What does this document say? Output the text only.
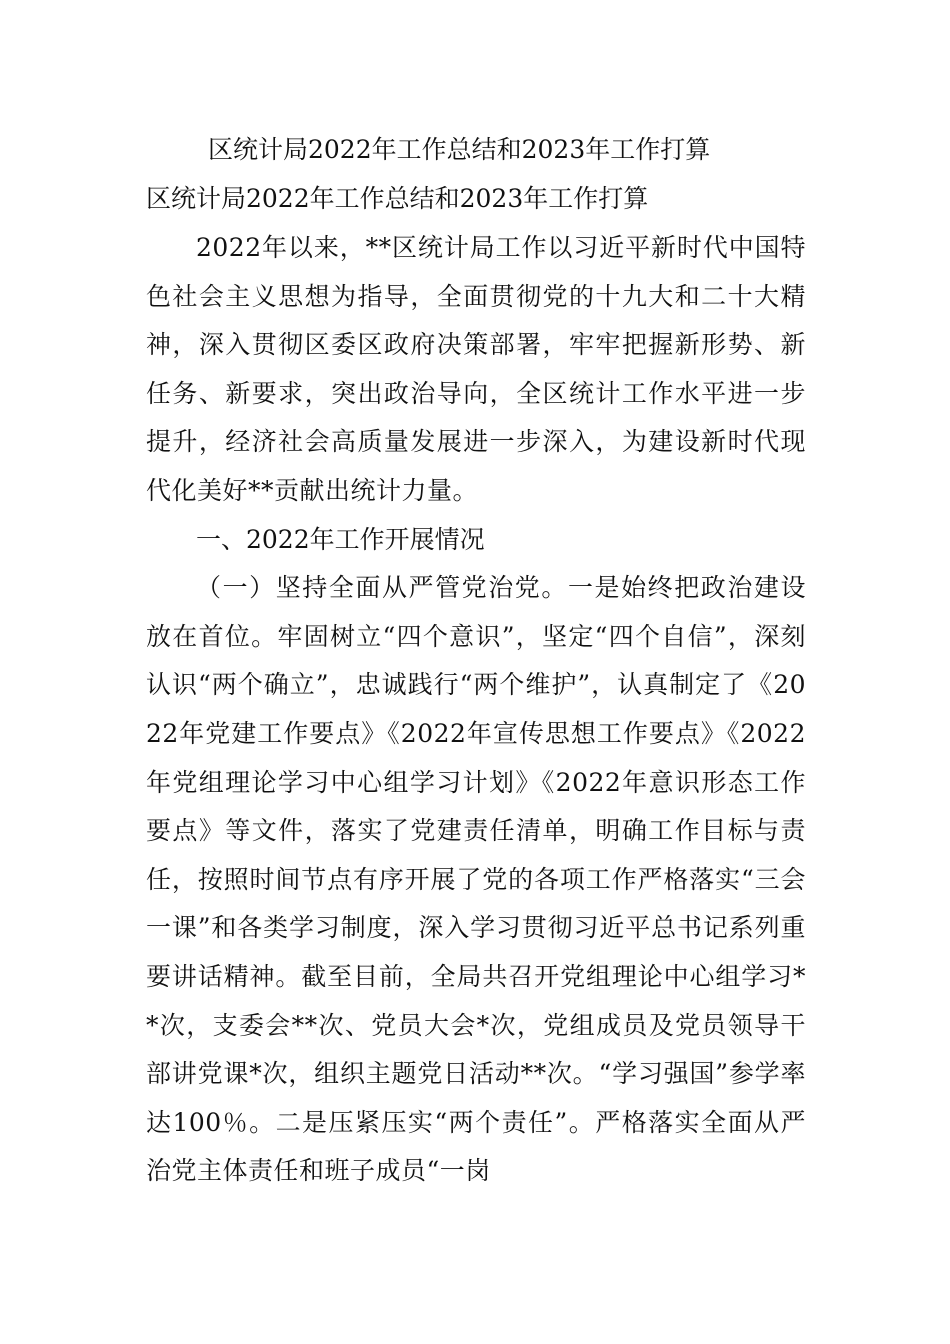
区统计局2022年工作总结和2023年工作打算

区统计局2022年工作总结和2023年工作打算

2022年以来，**区统计局工作以习近平新时代中国特色社会主义思想为指导，全面贯彻党的十九大和二十大精神，深入贯彻区委区政府决策部署，牢牢把握新形势、新任务、新要求，突出政治导向，全区统计工作水平进一步提升，经济社会高质量发展进一步深入，为建设新时代现代化美好**贡献出统计力量。

一、2022年工作开展情况

（一）坚持全面从严管党治党。一是始终把政治建设放在首位。牢固树立“四个意识”，坚定“四个自信”，深刻认识“两个确立”，忠诚践行“两个维护”，认真制定了《2022年党建工作要点》《2022年宣传思想工作要点》《2022年党组理论学习中心组学习计划》《2022年意识形态工作要点》等文件，落实了党建责任清单，明确工作目标与责任，按照时间节点有序开展了党的各项工作严格落实“三会一课”和各类学习制度，深入学习贯彻习近平总书记系列重要讲话精神。截至目前，全局共召开党组理论中心组学习**次，支委会**次、党员大会*次，党组成员及党员领导干部讲党课*次，组织主题党日活动**次。“学习强国”参学率达100％。二是压紧压实“两个责任”。严格落实全面从严治党主体责任和班子成员“一岗
